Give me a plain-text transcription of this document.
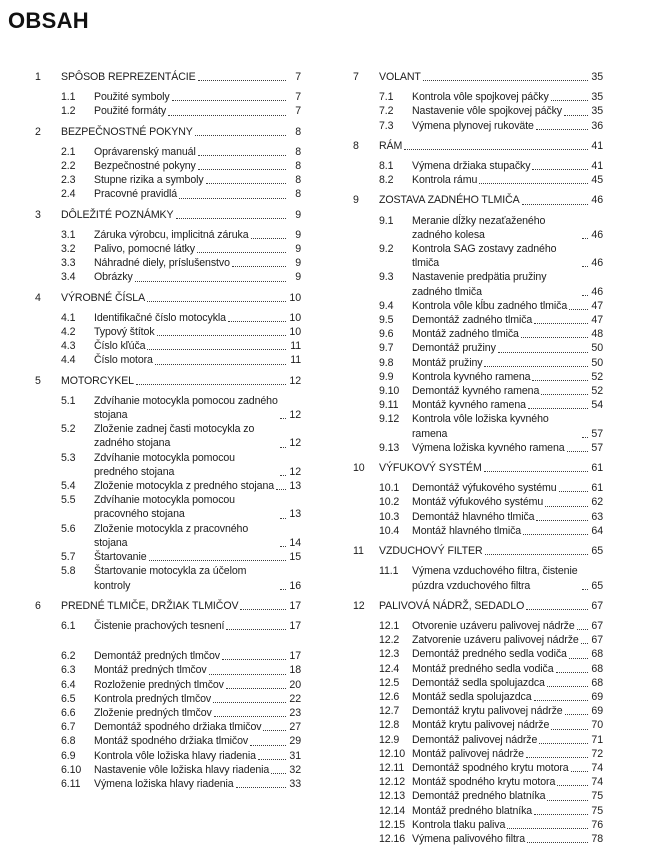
OBSAH
1	SPÔSOB REPREZENTÁCIE	7
1.1	Použité symboly	7
1.2	Použité formáty	7
2	BEZPEČNOSTNÉ POKYNY	8
2.1	Oprávarenský manuál	8
2.2	Bezpečnostné pokyny	8
2.3	Stupne rizika a symboly	8
2.4	Pracovné pravidlá	8
3	DÔLEŽITÉ POZNÁMKY	9
3.1	Záruka výrobcu, implicitná záruka	9
3.2	Palivo, pomocné látky	9
3.3	Náhradné diely, príslušenstvo	9
3.4	Obrázky	9
4	VÝROBNÉ ČÍSLA	10
4.1	Identifikačné číslo motocykla	10
4.2	Typový štítok	10
4.3	Číslo kľúča	11
4.4	Číslo motora	11
5	MOTORCYKEL	12
5.1	Zdvíhanie motocykla pomocou zadného stojana	12
5.2	Zloženie zadnej časti motocykla zo zadného stojana	12
5.3	Zdvíhanie motocykla pomocou predného stojana	12
5.4	Zloženie motocykla z predného stojana 13
5.5	Zdvíhanie motocykla pomocou pracovného stojana	13
5.6	Zloženie motocykla z pracovného stojana	14
5.7	Štartovanie	15
5.8	Štartovanie motocykla za účelom kontroly	16
6	PREDNÉ TLMIČE, DRŽIAK TLMIČOV	17
6.1	Čistenie prachových tesnení	17
6.2	Demontáž predných tlmčov	17
6.3	Montáž predných tlmčov	18
6.4	Rozloženie predných tlmčov	20
6.5	Kontrola predných tlmčov	22
6.6	Zloženie predných tlmčov	23
6.7	Demontáž spodného držiaka tlmičov	27
6.8	Montáž spodného držiaka tlmičov	29
6.9	Kontrola vôle ložiska hlavy riadenia	31
6.10	Nastavenie vôle ložiska hlavy riadenia 32
6.11	Výmena ložiska hlavy riadenia	33
7	VOLANT	35
7.1	Kontrola vôle spojkovej páčky	35
7.2	Nastavenie vôle spojkovej páčky	35
7.3	Výmena plynovej rukoväte	36
8	RÁM	41
8.1	Výmena držiaka stupačky	41
8.2	Kontrola rámu	45
9	ZOSTAVA ZADNÉHO TLMIČA	46
9.1	Meranie dĺžky nezaťaženého zadného kolesa	46
9.2	Kontrola SAG zostavy zadného tlmiča	46
9.3	Nastavenie predpätia pružiny zadného tlmiča	46
9.4	Kontrola vôle kĺbu zadného tlmiča 47
9.5	Demontáž zadného tlmiča	47
9.6	Montáž zadného tlmiča	48
9.7	Demontáž pružiny	50
9.8	Montáž pružiny	50
9.9	Kontrola kyvného ramena	52
9.10	Demontáž kyvného ramena	52
9.11	Montáž kyvného ramena	54
9.12	Kontrola vôle ložiska kyvného ramena	57
9.13	Výmena ložiska kyvného ramena	57
10	VÝFUKOVÝ SYSTÉM	61
10.1	Demontáž výfukového systému	61
10.2	Montáž výfukového systému	62
10.3	Demontáž hlavného tlmiča	63
10.4	Montáž hlavného tlmiča	64
11	VZDUCHOVÝ FILTER	65
11.1	Výmena vzduchového filtra, čistenie púzdra vzduchového filtra	65
12	PALIVOVÁ NÁDRŽ, SEDADLO	67
12.1	Otvorenie uzáveru palivovej nádrže 67
12.2	Zatvorenie uzáveru palivovej nádrže 67
12.3	Demontáž predného sedla vodiča 68
12.4	Montáž predného sedla vodiča	68
12.5	Demontáž sedla spolujazdca	68
12.6	Montáž sedla spolujazdca	69
12.7	Demontáž krytu palivovej nádrže	69
12.8	Montáž krytu palivovej nádrže	70
12.9	Demontáž palivovej nádrže	71
12.10 Montáž palivovej nádrže	72
12.11 Demontáž spodného krytu motora 74
12.12 Montáž spodného krytu motora	74
12.13 Demontáž predného blatníka	75
12.14 Montáž predného blatníka	75
12.15 Kontrola tlaku paliva	76
12.16 Výmena palivového filtra	78
